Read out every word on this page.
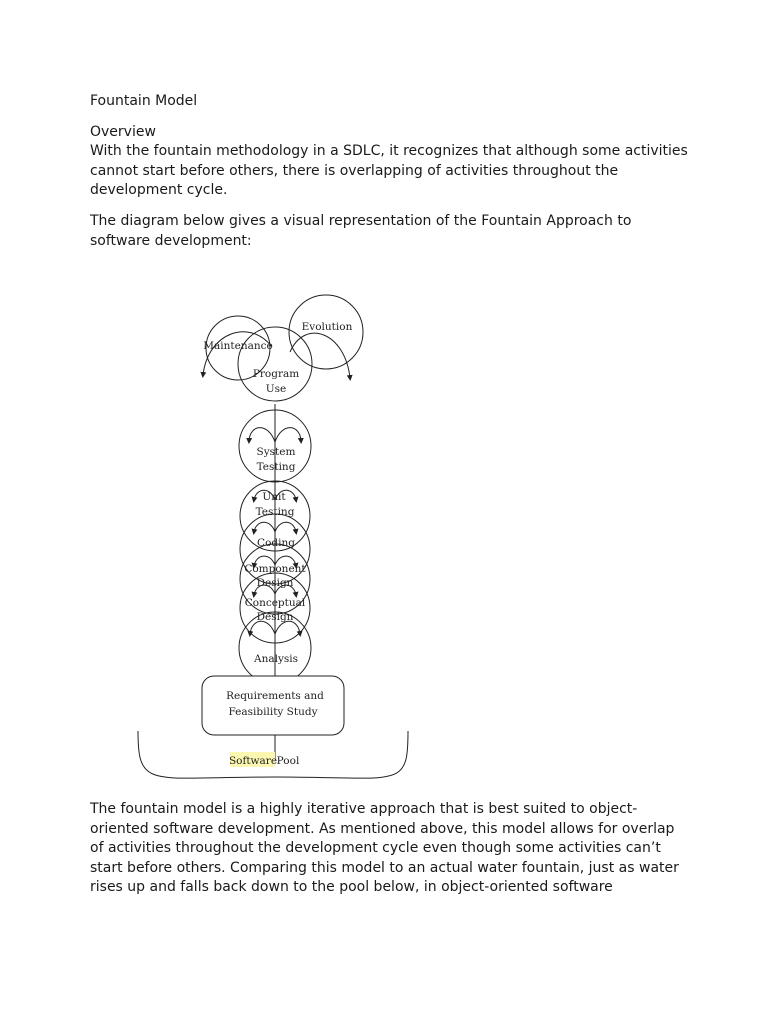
Fountain Model

Overview

With the fountain methodology in a SDLC, it recognizes that although some activities cannot start before others, there is overlapping of activities throughout the development cycle.

The diagram below gives a visual representation of the Fountain Approach to software development:

Evolution
Maintenance
Program
Use
System
Testing
Unit
Testing
Coding
Component
Design
Conceptual
Design
Analysis
Requirements and
Feasibility Study
Software Pool

The fountain model is a highly iterative approach that is best suited to object-oriented software development. As mentioned above, this model allows for overlap of activities throughout the development cycle even though some activities can’t start before others. Comparing this model to an actual water fountain, just as water rises up and falls back down to the pool below, in object-oriented software
